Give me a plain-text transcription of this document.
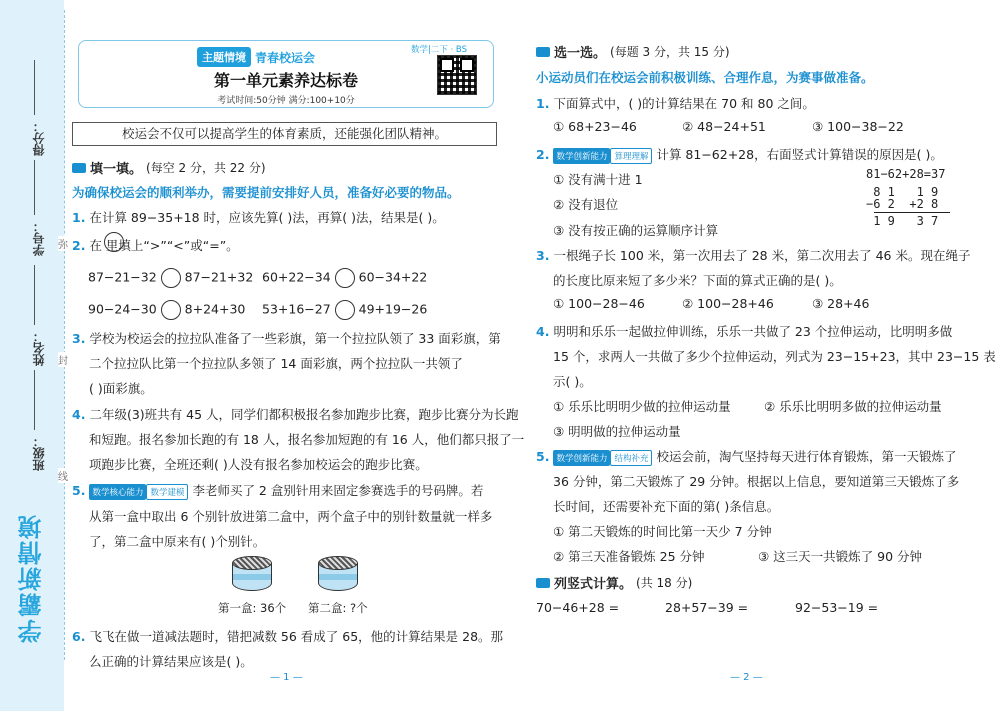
得分：
学号：
姓名：
班级：
弥
封
线
学霸新情境
主题情境 青春校运会
数学|二下 · BS
第一单元素养达标卷
考试时间:50分钟 满分:100+10分
校运会不仅可以提高学生的体育素质，还能强化团队精神。
填一填。 (每空 2 分，共 22 分)
为确保校运会的顺利举办，需要提前安排好人员，准备好必要的物品。
1. 在计算 89−35+18 时，应该先算( )法，再算( )法，结果是( )。
2. 在 里填上“>”“<”或“=”。
87−21−32 87−21+32 60+22−34 60−34+22
90−24−30 8+24+30 53+16−27 49+19−26
3. 学校为校运会的拉拉队准备了一些彩旗，第一个拉拉队领了 33 面彩旗，第
二个拉拉队比第一个拉拉队多领了 14 面彩旗，两个拉拉队一共领了
( )面彩旗。
4. 二年级(3)班共有 45 人，同学们都积极报名参加跑步比赛，跑步比赛分为长跑
和短跑。报名参加长跑的有 18 人，报名参加短跑的有 16 人，他们都只报了一
项跑步比赛，全班还剩( )人没有报名参加校运会的跑步比赛。
5. 数学核心能力 数学建模 李老师买了 2 盒别针用来固定参赛选手的号码牌。若
从第一盒中取出 6 个别针放进第二盒中，两个盒子中的别针数量就一样多
了，第二盒中原来有( )个别针。
第一盒: 36个 第二盒: ?个
6. 飞飞在做一道减法题时，错把减数 56 看成了 65，他的计算结果是 28。那
么正确的计算结果应该是( )。
— 1 —
选一选。 (每题 3 分，共 15 分)
小运动员们在校运会前积极训练、合理作息，为赛事做准备。
1. 下面算式中，( )的计算结果在 70 和 80 之间。
① 68+23−46	② 48−24+51	③ 100−38−22
2. 数学创新能力 算理理解 计算 81−62+28，右面竖式计算错误的原因是( )。
① 没有满十进 1
② 没有退位
③ 没有按正确的运算顺序计算
81−62+28=37
8 1   1 9
−6 2  +2 8
1 9   3 7
3. 一根绳子长 100 米，第一次用去了 28 米，第二次用去了 46 米。现在绳子
的长度比原来短了多少米？下面的算式正确的是( )。
① 100−28−46	② 100−28+46	③ 28+46
4. 明明和乐乐一起做拉伸训练，乐乐一共做了 23 个拉伸运动，比明明多做
15 个，求两人一共做了多少个拉伸运动，列式为 23−15+23，其中 23−15 表
示( )。
① 乐乐比明明少做的拉伸运动量	② 乐乐比明明多做的拉伸运动量
③ 明明做的拉伸运动量
5. 数学创新能力 结构补充 校运会前，淘气坚持每天进行体育锻炼，第一天锻炼了
36 分钟，第二天锻炼了 29 分钟。根据以上信息，要知道第三天锻炼了多
长时间，还需要补充下面的第( )条信息。
① 第二天锻炼的时间比第一天少 7 分钟
② 第三天准备锻炼 25 分钟	③ 这三天一共锻炼了 90 分钟
列竖式计算。 (共 18 分)
70−46+28 =	28+57−39 =	92−53−19 =
— 2 —
